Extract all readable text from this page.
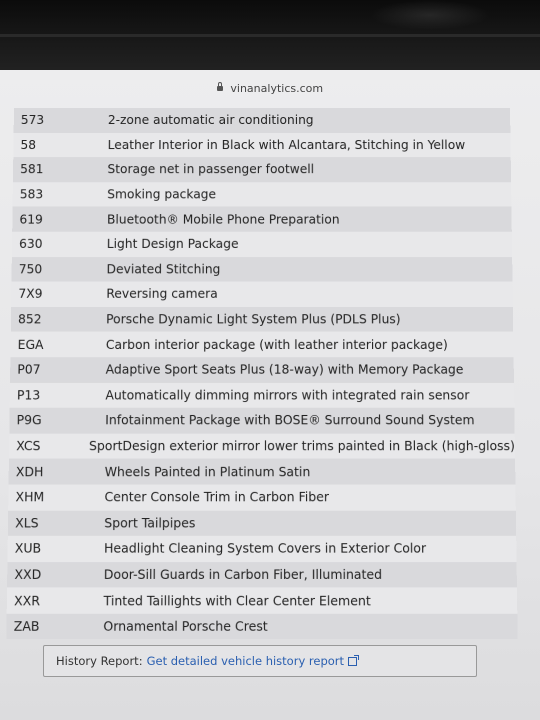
vinanalytics.com
573	2-zone automatic air conditioning
58	Leather Interior in Black with Alcantara, Stitching in Yellow
581	Storage net in passenger footwell
583	Smoking package
619	Bluetooth® Mobile Phone Preparation
630	Light Design Package
750	Deviated Stitching
7X9	Reversing camera
852	Porsche Dynamic Light System Plus (PDLS Plus)
EGA	Carbon interior package (with leather interior package)
P07	Adaptive Sport Seats Plus (18-way) with Memory Package
P13	Automatically dimming mirrors with integrated rain sensor
P9G	Infotainment Package with BOSE® Surround Sound System
XCS	SportDesign exterior mirror lower trims painted in Black (high-gloss)
XDH	Wheels Painted in Platinum Satin
XHM	Center Console Trim in Carbon Fiber
XLS	Sport Tailpipes
XUB	Headlight Cleaning System Covers in Exterior Color
XXD	Door-Sill Guards in Carbon Fiber, Illuminated
XXR	Tinted Taillights with Clear Center Element
ZAB	Ornamental Porsche Crest
History Report: Get detailed vehicle history report
